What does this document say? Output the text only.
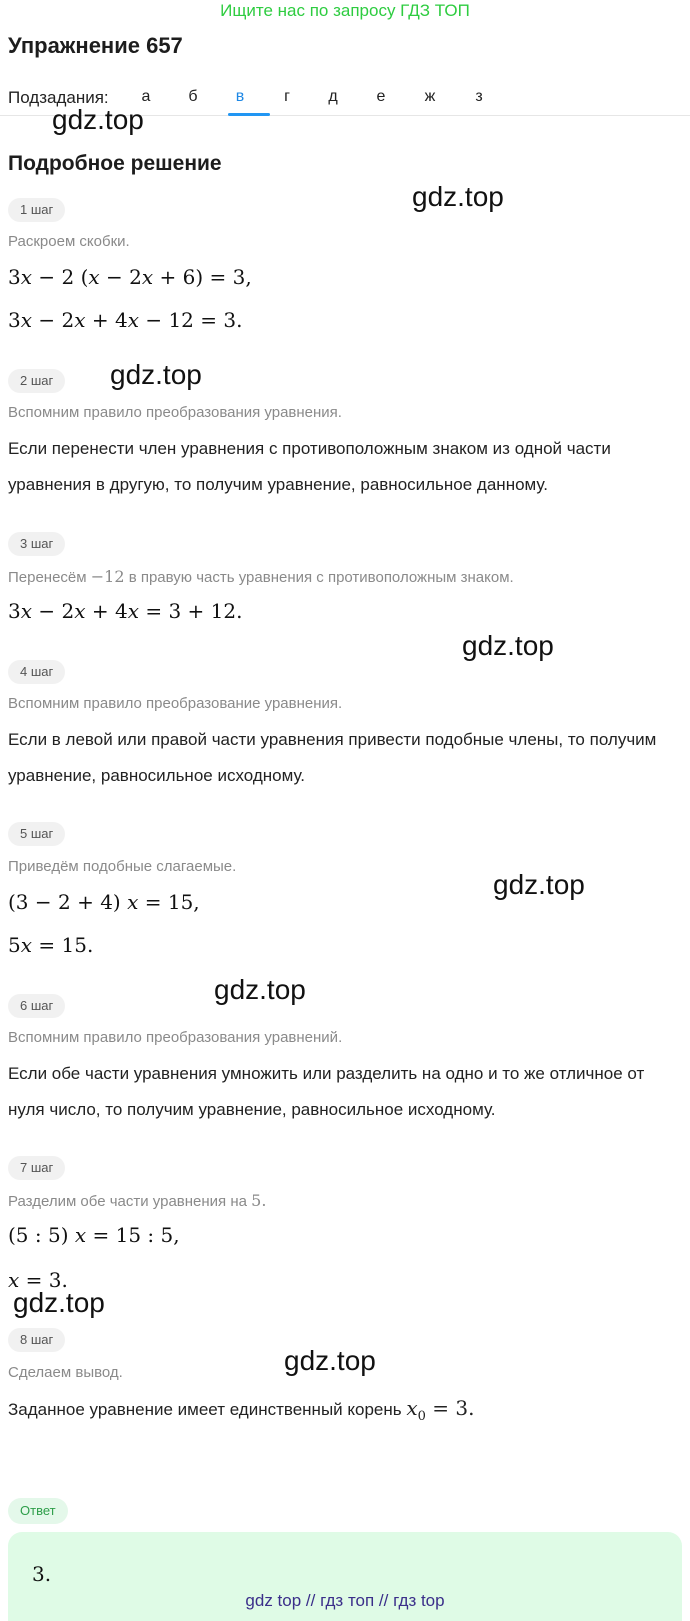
Ищите нас по запросу ГДЗ ТОП
Упражнение 657
Подзадания:	а	б	в	г	д	е	ж	з
gdz.top
Подробное решение
gdz.top
1 шаг
Раскроем скобки.
3x − 2 (x − 2x + 6) = 3,
3x − 2x + 4x − 12 = 3.
2 шаг	gdz.top
Вспомним правило преобразования уравнения.
Если перенести член уравнения с противоположным знаком из одной части уравнения в другую, то получим уравнение, равносильное данному.
3 шаг
Перенесём −12 в правую часть уравнения с противоположным знаком.
3x − 2x + 4x = 3 + 12.
gdz.top
4 шаг
Вспомним правило преобразование уравнения.
Если в левой или правой части уравнения привести подобные члены, то получим уравнение, равносильное исходному.
5 шаг
Приведём подобные слагаемые.
(3 − 2 + 4) x = 15,
gdz.top
5x = 15.
gdz.top
6 шаг
Вспомним правило преобразования уравнений.
Если обе части уравнения умножить или разделить на одно и то же отличное от нуля число, то получим уравнение, равносильное исходному.
7 шаг
Разделим обе части уравнения на 5.
(5 : 5) x = 15 : 5,
x = 3.
gdz.top
8 шаг
gdz.top
Сделаем вывод.
Заданное уравнение имеет единственный корень $x_0 = 3$.
Ответ
3.
gdz top // гдз топ // гдз top
